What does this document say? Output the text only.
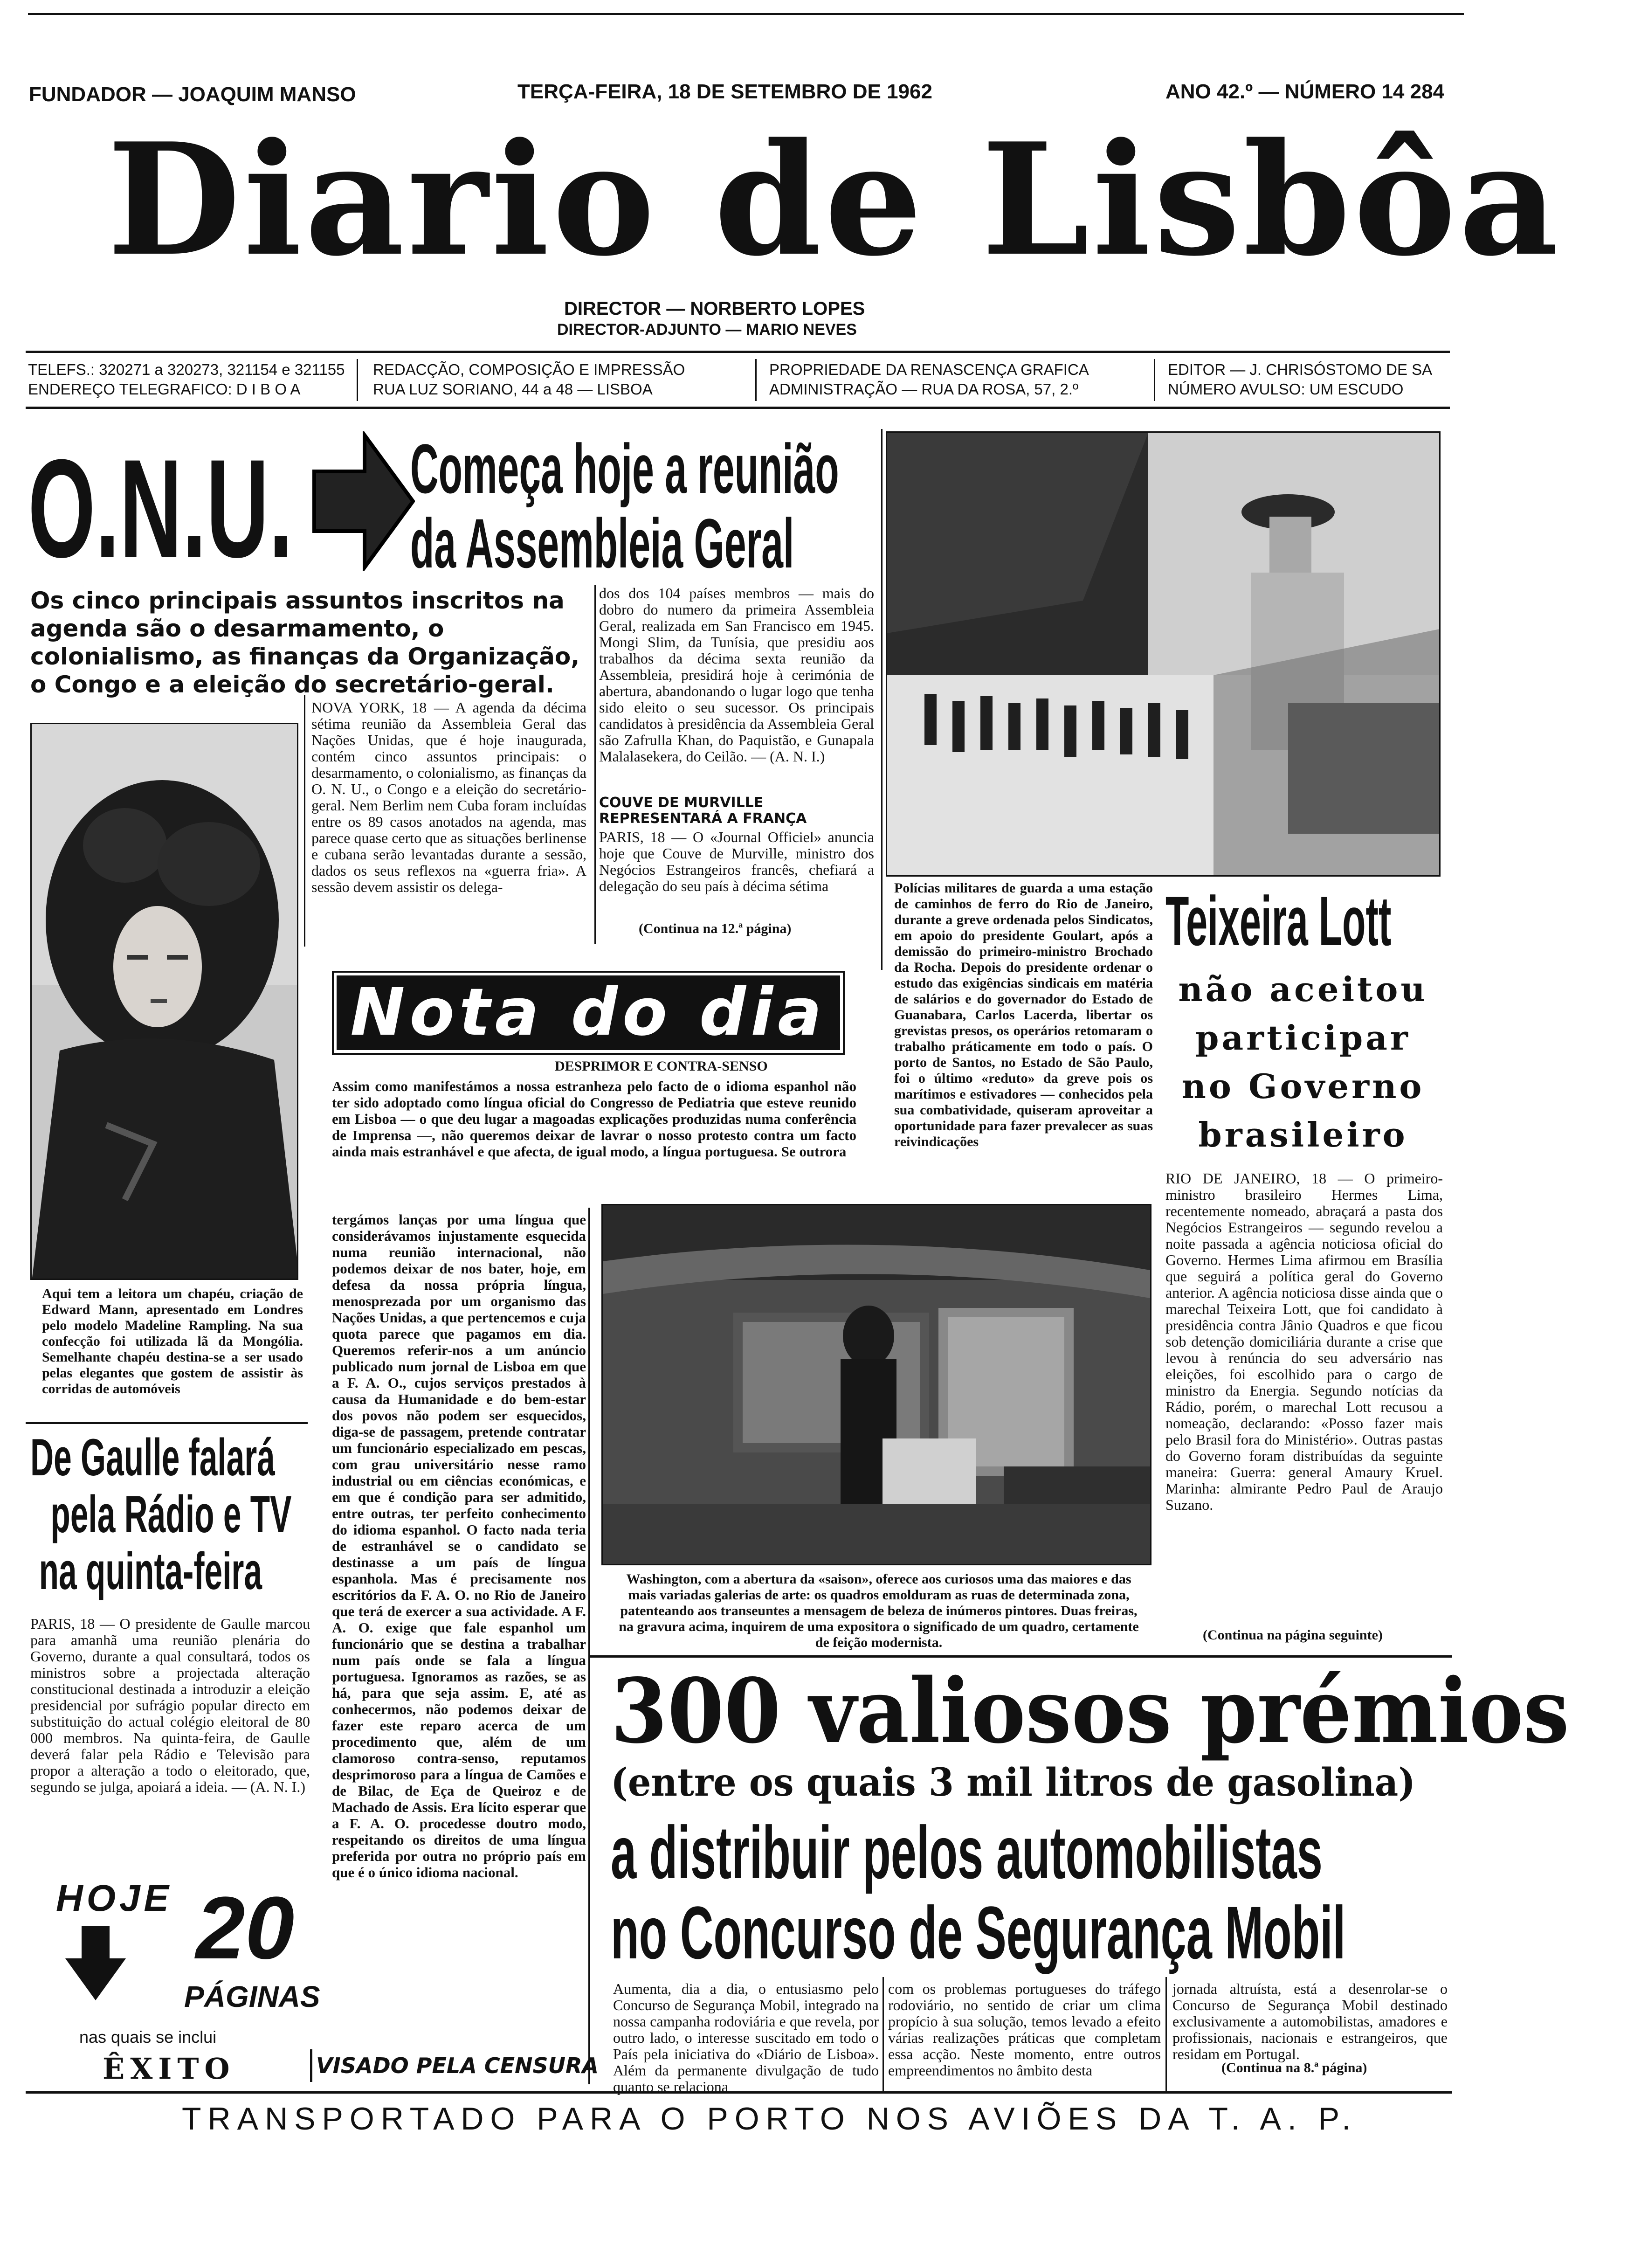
FUNDADOR — JOAQUIM MANSO	TERÇA-FEIRA, 18 DE SETEMBRO DE 1962	ANO 42.º — NÚMERO 14 284
Diario de Lisbôa
DIRECTOR — NORBERTO LOPES
DIRECTOR-ADJUNTO — MARIO NEVES
TELEFS.: 320271 a 320273, 321154 e 321155
ENDEREÇO TELEGRAFICO: D I B O A
REDACÇÃO, COMPOSIÇÃO E IMPRESSÃO
RUA LUZ SORIANO, 44 a 48 — LISBOA
PROPRIEDADE DA RENASCENÇA GRAFICA
ADMINISTRAÇÃO — RUA DA ROSA, 57, 2.º
EDITOR — J. CHRISÓSTOMO DE SA
NÚMERO AVULSO: UM ESCUDO
O.N.U. Começa hoje a reunião
da Assembleia Geral
Os cinco principais assuntos inscritos na agenda são o desarmamento, o colonialismo, as finanças da Organização, o Congo e a eleição do secretário-geral.
NOVA YORK, 18 — A agenda da décima sétima reunião da Assembleia Geral das Nações Unidas, que é hoje inaugurada, contém cinco assuntos principais: o desarmamento, o colonialismo, as finanças da O. N. U., o Congo e a eleição do secretário-geral. Nem Berlim nem Cuba foram incluídas entre os 89 casos anotados na agenda, mas parece quase certo que as situações berlinense e cubana serão levantadas durante a sessão, dados os seus reflexos na «guerra fria». A sessão devem assistir os delega-
dos dos 104 países membros — mais do dobro do numero da primeira Assembleia Geral, realizada em San Francisco em 1945. Mongi Slim, da Tunísia, que presidiu aos trabalhos da décima sexta reunião da Assembleia, presidirá hoje à cerimónia de abertura, abandonando o lugar logo que tenha sido eleito o seu sucessor. Os principais candidatos à presidência da Assembleia Geral são Zafrulla Khan, do Paquistão, e Gunapala Malalasekera, do Ceilão. — (A. N. I.)
COUVE DE MURVILLE REPRESENTARÁ A FRANÇA
PARIS, 18 — O «Journal Officiel» anuncia hoje que Couve de Murville, ministro dos Negócios Estrangeiros francês, chefiará a delegação do seu país à décima sétima
(Continua na 12.ª página)
Aqui tem a leitora um chapéu, criação de Edward Mann, apresentado em Londres pelo modelo Madeline Rampling. Na sua confecção foi utilizada lã da Mongólia. Semelhante chapéu destina-se a ser usado pelas elegantes que gostem de assistir às corridas de automóveis
De Gaulle falará
pela Rádio e TV
na quinta-feira
PARIS, 18 — O presidente de Gaulle marcou para amanhã uma reunião plenária do Governo, durante a qual consultará, todos os ministros sobre a projectada alteração constitucional destinada a introduzir a eleição presidencial por sufrágio popular directo em substituição do actual colégio eleitoral de 80 000 membros. Na quinta-feira, de Gaulle deverá falar pela Rádio e Televisão para propor a alteração a todo o eleitorado, que, segundo se julga, apoiará a ideia. — (A. N. I.)
HOJE 20
PÁGINAS
nas quais se inclui
ÊXITO
Nota do dia
DESPRIMOR E CONTRA-SENSO
Assim como manifestámos a nossa estranheza pelo facto de o idioma espanhol não ter sido adoptado como língua oficial do Congresso de Pediatria que esteve reunido em Lisboa — o que deu lugar a magoadas explicações produzidas numa conferência de Imprensa —, não queremos deixar de lavrar o nosso protesto contra um facto ainda mais estranhável e que afecta, de igual modo, a língua portuguesa. Se outrora
tergámos lanças por uma língua que considerávamos injustamente esquecida numa reunião internacional, não podemos deixar de nos bater, hoje, em defesa da nossa própria língua, menosprezada por um organismo das Nações Unidas, a que pertencemos e cuja quota parece que pagamos em dia. Queremos referir-nos a um anúncio publicado num jornal de Lisboa em que a F. A. O., cujos serviços prestados à causa da Humanidade e do bem-estar dos povos não podem ser esquecidos, diga-se de passagem, pretende contratar um funcionário especializado em pescas, com grau universitário nesse ramo industrial ou em ciências económicas, e em que é condição para ser admitido, entre outras, ter perfeito conhecimento do idioma espanhol. O facto nada teria de estranhável se o candidato se destinasse a um país de língua espanhola. Mas é precisamente nos escritórios da F. A. O. no Rio de Janeiro que terá de exercer a sua actividade. A F. A. O. exige que fale espanhol um funcionário que se destina a trabalhar num país onde se fala a língua portuguesa. Ignoramos as razões, se as há, para que seja assim. E, até as conhecermos, não podemos deixar de fazer este reparo acerca de um procedimento que, além de um clamoroso contra-senso, reputamos desprimoroso para a língua de Camões e de Bilac, de Eça de Queiroz e de Machado de Assis. Era lícito esperar que a F. A. O. procedesse doutro modo, respeitando os direitos de uma língua preferida por outra no próprio país em que é o único idioma nacional.
VISADO PELA CENSURA
Polícias militares de guarda a uma estação de caminhos de ferro do Rio de Janeiro, durante a greve ordenada pelos Sindicatos, em apoio do presidente Goulart, após a demissão do primeiro-ministro Brochado da Rocha. Depois do presidente ordenar o estudo das exigências sindicais em matéria de salários e do governador do Estado de Guanabara, Carlos Lacerda, libertar os grevistas presos, os operários retomaram o trabalho práticamente em todo o país. O porto de Santos, no Estado de São Paulo, foi o último «reduto» da greve pois os marítimos e estivadores — conhecidos pela sua combatividade, quiseram aproveitar a oportunidade para fazer prevalecer as suas reivindicações
Teixeira Lott
não aceitou
participar
no Governo
brasileiro
RIO DE JANEIRO, 18 — O primeiro-ministro brasileiro Hermes Lima, recentemente nomeado, abraçará a pasta dos Negócios Estrangeiros — segundo revelou a noite passada a agência noticiosa oficial do Governo. Hermes Lima afirmou em Brasília que seguirá a política geral do Governo anterior. A agência noticiosa disse ainda que o marechal Teixeira Lott, que foi candidato à presidência contra Jânio Quadros e que ficou sob detenção domiciliária durante a crise que levou à renúncia do seu adversário nas eleições, foi escolhido para o cargo de ministro da Energia. Segundo notícias da Rádio, porém, o marechal Lott recusou a nomeação, declarando: «Posso fazer mais pelo Brasil fora do Ministério». Outras pastas do Governo foram distribuídas da seguinte maneira: Guerra: general Amaury Kruel. Marinha: almirante Pedro Paul de Araujo Suzano.
(Continua na página seguinte)
Washington, com a abertura da «saison», oferece aos curiosos uma das maiores e das mais variadas galerias de arte: os quadros emolduram as ruas de determinada zona, patenteando aos transeuntes a mensagem de beleza de inúmeros pintores. Duas freiras, na gravura acima, inquirem de uma expositora o significado de um quadro, certamente de feição modernista.
300 valiosos prémios
(entre os quais 3 mil litros de gasolina)
a distribuir pelos automobilistas
no Concurso de Segurança Mobil
Aumenta, dia a dia, o entusiasmo pelo Concurso de Segurança Mobil, integrado na nossa campanha rodoviária e que revela, por outro lado, o interesse suscitado em todo o País pela iniciativa do «Diário de Lisboa». Além da permanente divulgação de tudo quanto se relaciona
com os problemas portugueses do tráfego rodoviário, no sentido de criar um clima propício à sua solução, temos levado a efeito várias realizações práticas que completam essa acção. Neste momento, entre outros empreendimentos no âmbito desta
jornada altruísta, está a desenrolar-se o Concurso de Segurança Mobil destinado exclusivamente a automobilistas, amadores e profissionais, nacionais e estrangeiros, que residam em Portugal.
(Continua na 8.ª página)
TRANSPORTADO PARA O PORTO NOS AVIÕES DA T. A. P.
